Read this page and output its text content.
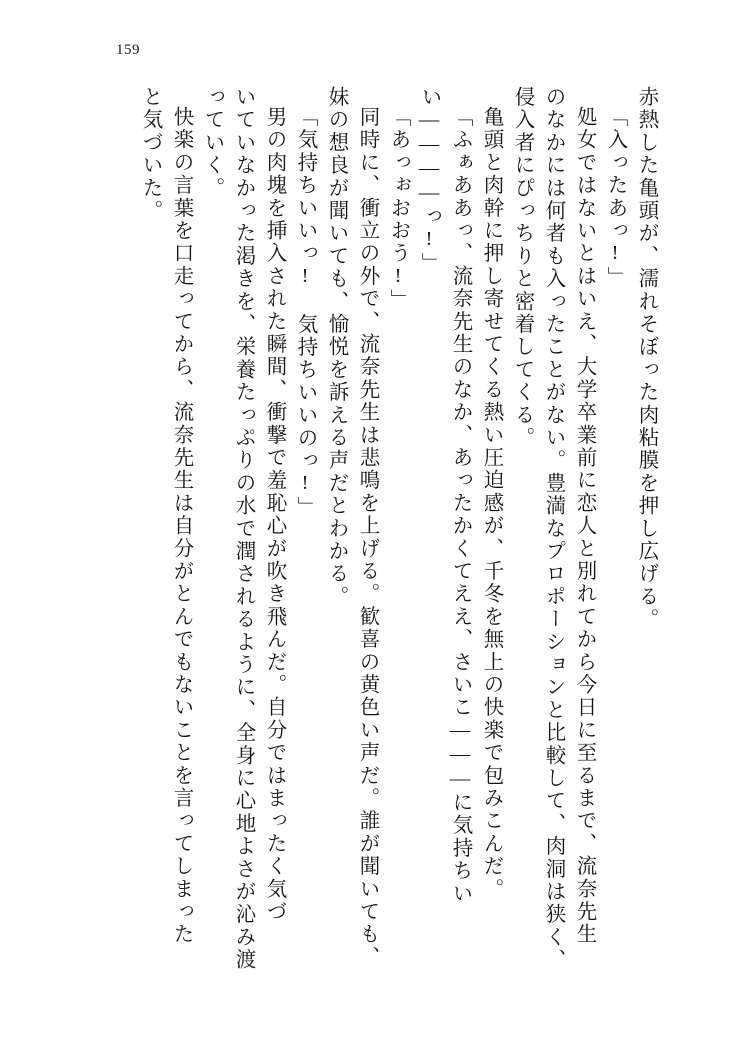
159
赤熱した亀頭が、濡れそぼった肉粘膜を押し広げる。
「入ったあっ!」
処女ではないとはいえ、大学卒業前に恋人と別れてから今日に至るまで、流奈先生
のなかには何者も入ったことがない。豊満なプロポーションと比較して、肉洞は狭く、
侵入者にぴっちりと密着してくる。
亀頭と肉幹に押し寄せてくる熱い圧迫感が、千冬を無上の快楽で包みこんだ。
「ふぁああっ、流奈先生のなか、あったかくてええ、さいこ———に気持ちい
い————っ!」
「あっぉおおう!」
同時に、衝立の外で、流奈先生は悲鳴を上げる。歓喜の黄色い声だ。誰が聞いても、
妹の想良が聞いても、愉悦を訴える声だとわかる。
「気持ちいいっ! 気持ちいいのっ!」
男の肉塊を挿入された瞬間、衝撃で羞恥心が吹き飛んだ。自分ではまったく気づ
いていなかった渇きを、栄養たっぷりの水で潤されるように、全身に心地よさが沁み渡
っていく。
快楽の言葉を口走ってから、流奈先生は自分がとんでもないことを言ってしまった
と気づいた。
